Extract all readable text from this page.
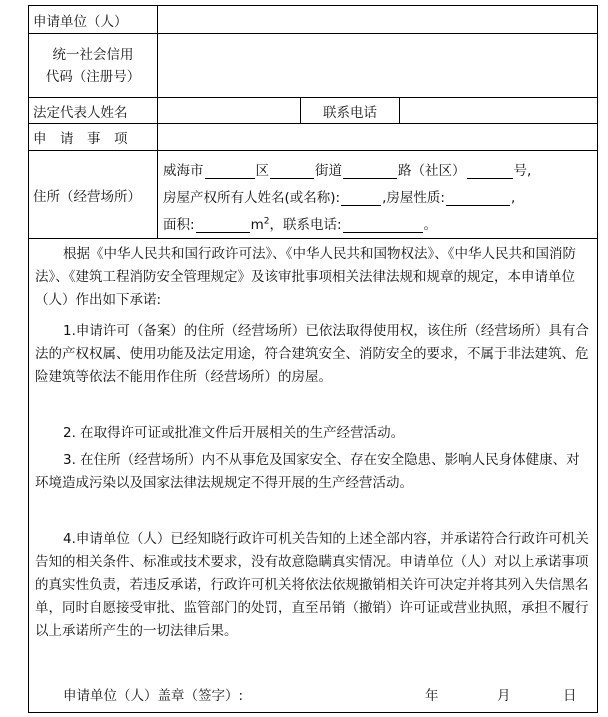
申请单位（人）
统一社会信用
代码（注册号）
法定代表人姓名	联系电话
申　请　事　项
住所（经营场所）
威海市	区	街道	路（社区）	号,
房屋产权所有人姓名(或名称):	,房屋性质:	,
面积:	$m^2$，联系电话:	。
根据《中华人民共和国行政许可法》、《中华人民共和国物权法》、《中华人民共和国消防法》、《建筑工程消防安全管理规定》及该审批事项相关法律法规和规章的规定，本申请单位（人）作出如下承诺:
1.申请许可（备案）的住所（经营场所）已依法取得使用权，该住所（经营场所）具有合法的产权权属、使用功能及法定用途，符合建筑安全、消防安全的要求，不属于非法建筑、危险建筑等依法不能用作住所（经营场所）的房屋。
2. 在取得许可证或批准文件后开展相关的生产经营活动。
3. 在住所（经营场所）内不从事危及国家安全、存在安全隐患、影响人民身体健康、对环境造成污染以及国家法律法规规定不得开展的生产经营活动。
4.申请单位（人）已经知晓行政许可机关告知的上述全部内容，并承诺符合行政许可机关告知的相关条件、标准或技术要求，没有故意隐瞒真实情况。申请单位（人）对以上承诺事项的真实性负责，若违反承诺，行政许可机关将依法依规撤销相关许可决定并将其列入失信黑名单，同时自愿接受审批、监管部门的处罚，直至吊销（撤销）许可证或营业执照，承担不履行以上承诺所产生的一切法律后果。
申请单位（人）盖章（签字）:	年	月	日
